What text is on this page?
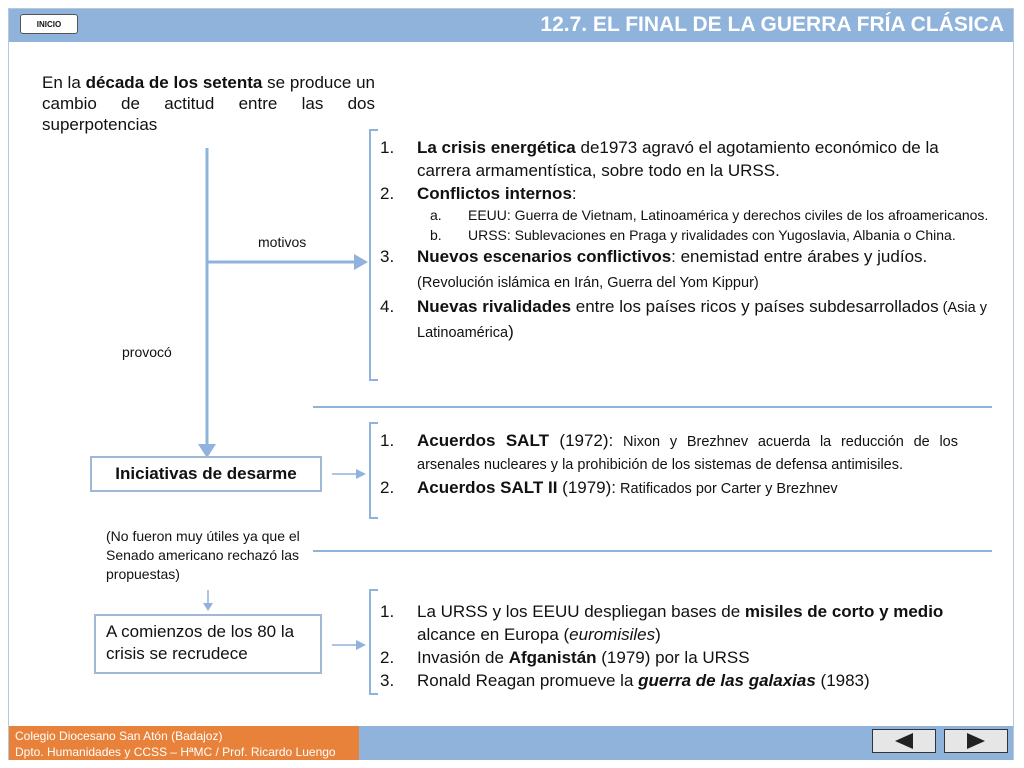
INICIO	12.7. EL FINAL DE LA GUERRA FRÍA CLÁSICA
En la década de los setenta se produce un cambio de actitud entre las dos superpotencias
motivos
provocó
1. La crisis energética de1973 agravó el agotamiento económico de la carrera armamentística, sobre todo en la URSS.
2. Conflictos internos:
a. EEUU: Guerra de Vietnam, Latinoamérica y derechos civiles de los afroamericanos.
b. URSS: Sublevaciones en Praga y rivalidades con Yugoslavia, Albania o China.
3. Nuevos escenarios conflictivos: enemistad entre árabes y judíos. (Revolución islámica en Irán, Guerra del Yom Kippur)
4. Nuevas rivalidades entre los países ricos y países subdesarrollados (Asia y Latinoamérica)
Iniciativas de desarme
1. Acuerdos SALT (1972): Nixon y Brezhnev acuerda la reducción de los arsenales nucleares y la prohibición de los sistemas de defensa antimisiles.
2. Acuerdos SALT II (1979): Ratificados por Carter y Brezhnev
(No fueron muy útiles ya que el Senado americano rechazó las propuestas)
A comienzos de los 80 la crisis se recrudece
1. La URSS y los EEUU despliegan bases de misiles de corto y medio alcance en Europa (euromisiles)
2. Invasión de Afganistán (1979) por la URSS
3. Ronald Reagan promueve la guerra de las galaxias (1983)
Colegio Diocesano San Atón (Badajoz)
Dpto. Humanidades y CCSS – HªMC / Prof. Ricardo Luengo
